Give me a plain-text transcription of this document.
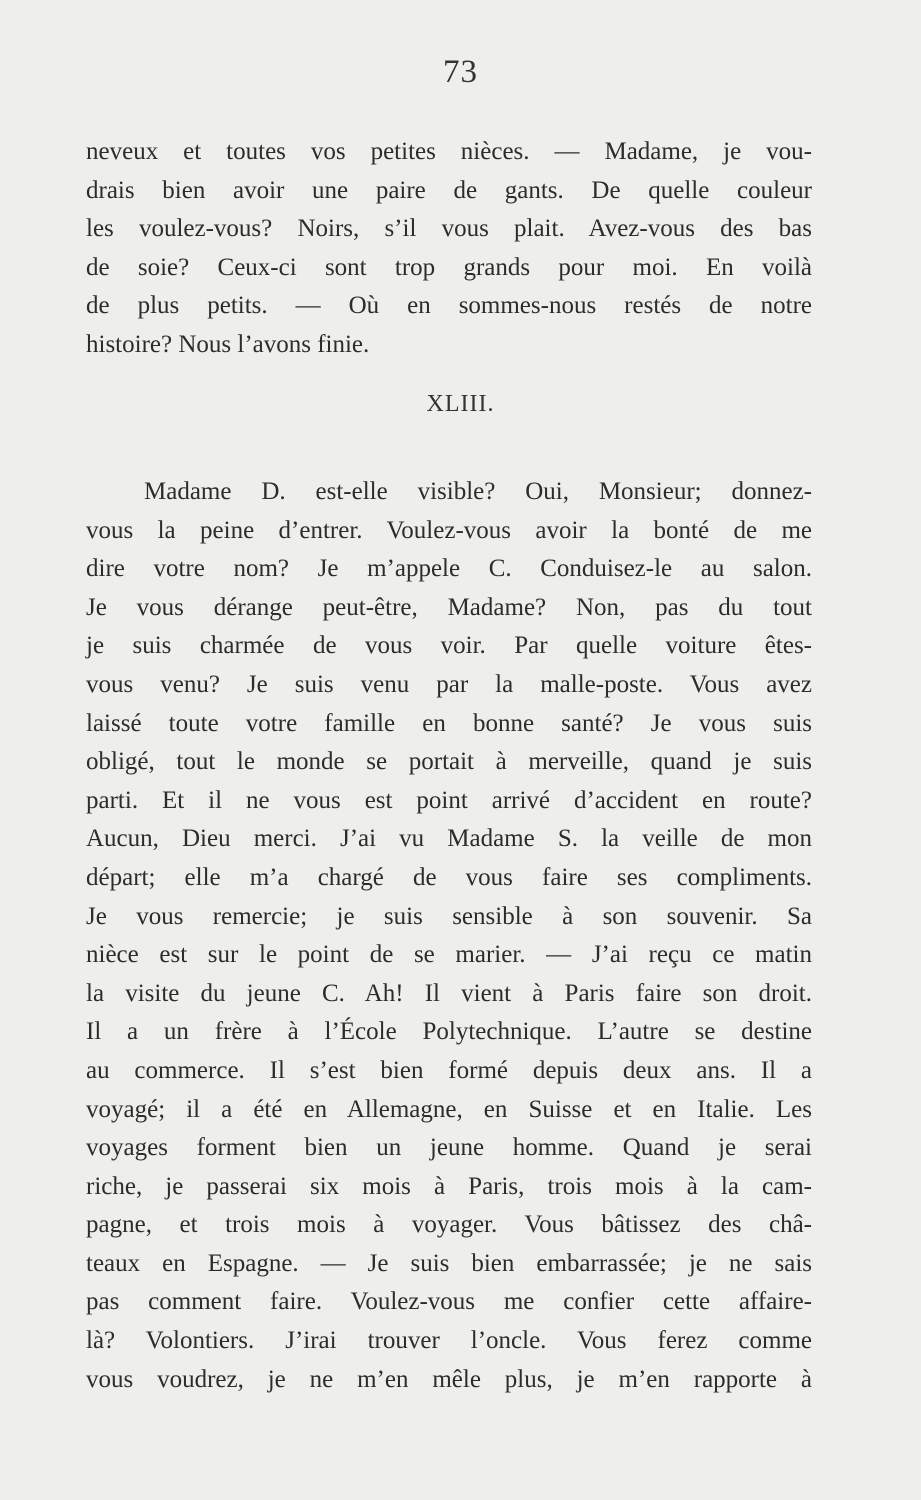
73
neveux et toutes vos petites nièces. — Madame, je vou-
drais bien avoir une paire de gants. De quelle couleur
les voulez-vous? Noirs, s’il vous plait. Avez-vous des bas
de soie? Ceux-ci sont trop grands pour moi. En voilà
de plus petits. — Où en sommes-nous restés de notre
histoire? Nous l’avons finie.
XLIII.
Madame D. est-elle visible? Oui, Monsieur; donnez-
vous la peine d’entrer. Voulez-vous avoir la bonté de me
dire votre nom? Je m’appele C. Conduisez-le au salon.
Je vous dérange peut-être, Madame? Non, pas du tout
je suis charmée de vous voir. Par quelle voiture êtes-
vous venu? Je suis venu par la malle-poste. Vous avez
laissé toute votre famille en bonne santé? Je vous suis
obligé, tout le monde se portait à merveille, quand je suis
parti. Et il ne vous est point arrivé d’accident en route?
Aucun, Dieu merci. J’ai vu Madame S. la veille de mon
départ; elle m’a chargé de vous faire ses compliments.
Je vous remercie; je suis sensible à son souvenir. Sa
nièce est sur le point de se marier. — J’ai reçu ce matin
la visite du jeune C. Ah! Il vient à Paris faire son droit.
Il a un frère à l’École Polytechnique. L’autre se destine
au commerce. Il s’est bien formé depuis deux ans. Il a
voyagé; il a été en Allemagne, en Suisse et en Italie. Les
voyages forment bien un jeune homme. Quand je serai
riche, je passerai six mois à Paris, trois mois à la cam-
pagne, et trois mois à voyager. Vous bâtissez des châ-
teaux en Espagne. — Je suis bien embarrassée; je ne sais
pas comment faire. Voulez-vous me confier cette affaire-
là? Volontiers. J’irai trouver l’oncle. Vous ferez comme
vous voudrez, je ne m’en mêle plus, je m’en rapporte à
